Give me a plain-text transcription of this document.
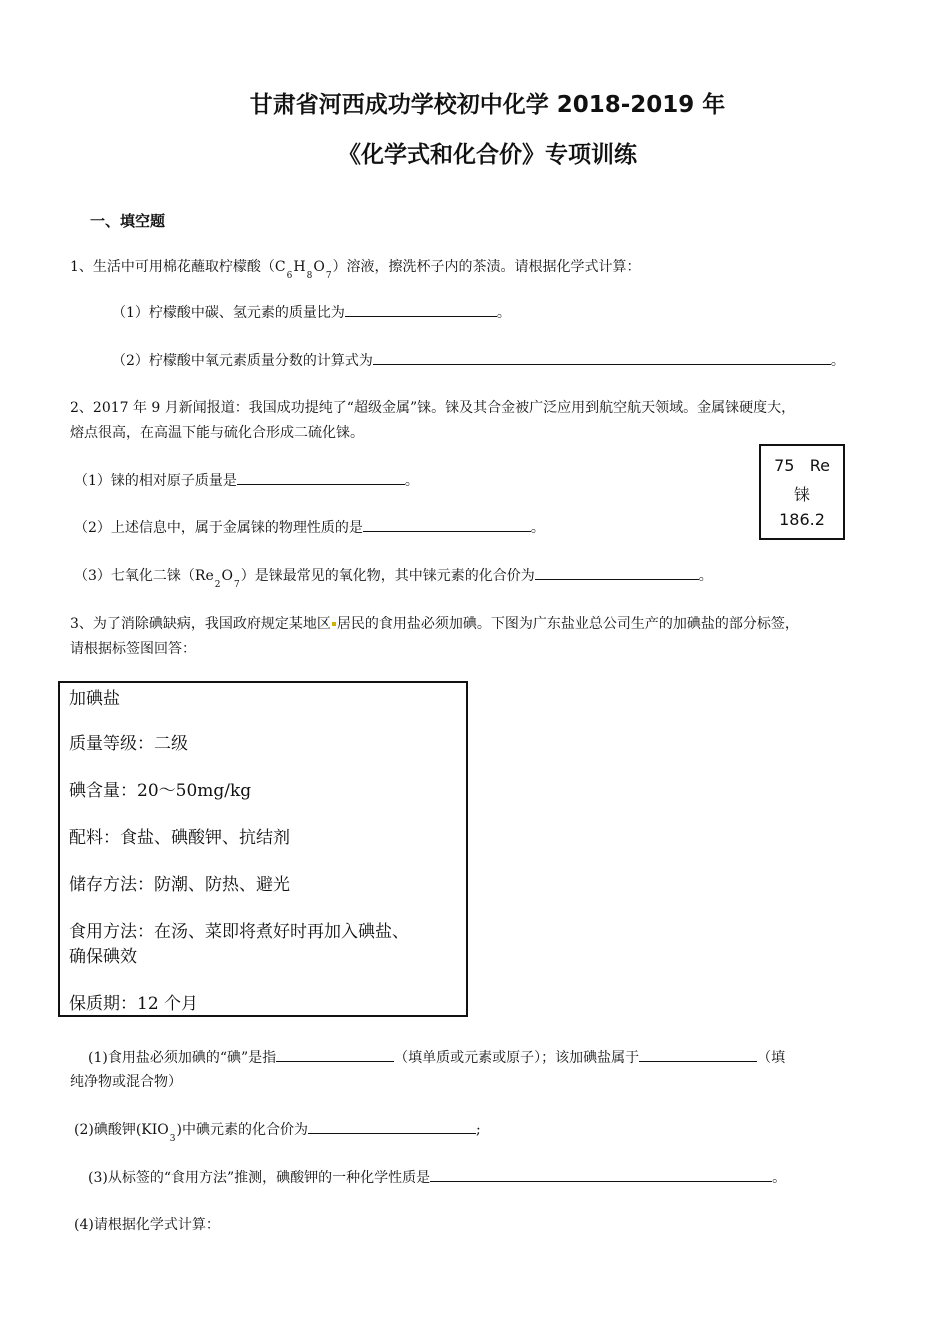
甘肃省河西成功学校初中化学 2018-2019 年
《化学式和化合价》专项训练
一、填空题
1、生活中可用棉花蘸取柠檬酸$(C_6H_8O_7)$溶液，擦洗杯子内的茶渍。请根据化学式计算：
（1）柠檬酸中碳、氢元素的质量比为	。
（2）柠檬酸中氧元素质量分数的计算式为	。
2、2017 年 9 月新闻报道：我国成功提纯了“超级金属”铼。铼及其合金被广泛应用到航空航天领域。金属铼硬度大，
熔点很高，在高温下能与硫化合形成二硫化铼。
（1）铼的相对原子质量是	。
（2）上述信息中，属于金属铼的物理性质的是	。
（3）七氧化二铼$(Re_2O_7)$是铼最常见的氧化物，其中铼元素的化合价为	。
75 Re
铼
186.2
3、为了消除碘缺病，我国政府规定某地区 居民的食用盐必须加碘。下图为广东盐业总公司生产的加碘盐的部分标签，
请根据标签图回答：
加碘盐
质量等级：二级
碘含量：20～50mg/kg
配料：食盐、碘酸钾、抗结剂
储存方法：防潮、防热、避光
食用方法：在汤、菜即将煮好时再加入碘盐、
确保碘效
保质期：12 个月
(1)食用盐必须加碘的“碘”是指	（填单质或元素或原子）；该加碘盐属于	（填
纯净物或混合物）
(2)碘酸钾$(KIO_3)$中碘元素的化合价为	;
(3)从标签的“食用方法”推测，碘酸钾的一种化学性质是	。
(4)请根据化学式计算：
